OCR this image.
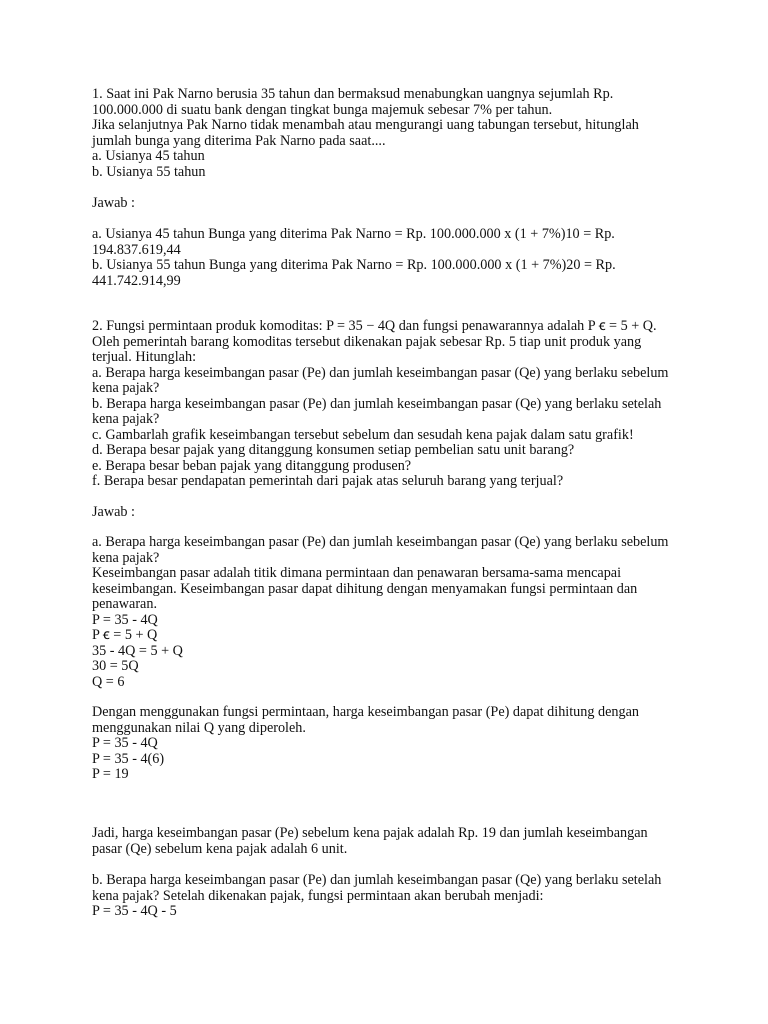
1. Saat ini Pak Narno berusia 35 tahun dan bermaksud menabungkan uangnya sejumlah Rp.
100.000.000 di suatu bank dengan tingkat bunga majemuk sebesar 7% per tahun.
Jika selanjutnya Pak Narno tidak menambah atau mengurangi uang tabungan tersebut, hitunglah
jumlah bunga yang diterima Pak Narno pada saat....
a. Usianya 45 tahun
b. Usianya 55 tahun
Jawab :
a. Usianya 45 tahun Bunga yang diterima Pak Narno = Rp. 100.000.000 x (1 + 7%)10 = Rp.
194.837.619,44
b. Usianya 55 tahun Bunga yang diterima Pak Narno = Rp. 100.000.000 x (1 + 7%)20 = Rp.
441.742.914,99
2. Fungsi permintaan produk komoditas: P = 35 − 4Q dan fungsi penawarannya adalah P ꞓ = 5 + Q.
Oleh pemerintah barang komoditas tersebut dikenakan pajak sebesar Rp. 5 tiap unit produk yang
terjual. Hitunglah:
a. Berapa harga keseimbangan pasar (Pe) dan jumlah keseimbangan pasar (Qe) yang berlaku sebelum
kena pajak?
b. Berapa harga keseimbangan pasar (Pe) dan jumlah keseimbangan pasar (Qe) yang berlaku setelah
kena pajak?
c. Gambarlah grafik keseimbangan tersebut sebelum dan sesudah kena pajak dalam satu grafik!
d. Berapa besar pajak yang ditanggung konsumen setiap pembelian satu unit barang?
e. Berapa besar beban pajak yang ditanggung produsen?
f. Berapa besar pendapatan pemerintah dari pajak atas seluruh barang yang terjual?
Jawab :
a. Berapa harga keseimbangan pasar (Pe) dan jumlah keseimbangan pasar (Qe) yang berlaku sebelum
kena pajak?
Keseimbangan pasar adalah titik dimana permintaan dan penawaran bersama-sama mencapai
keseimbangan. Keseimbangan pasar dapat dihitung dengan menyamakan fungsi permintaan dan
penawaran.
P = 35 - 4Q
P ꞓ = 5 + Q
35 - 4Q = 5 + Q
30 = 5Q
Q = 6
Dengan menggunakan fungsi permintaan, harga keseimbangan pasar (Pe) dapat dihitung dengan
menggunakan nilai Q yang diperoleh.
P = 35 - 4Q
P = 35 - 4(6)
P = 19
Jadi, harga keseimbangan pasar (Pe) sebelum kena pajak adalah Rp. 19 dan jumlah keseimbangan
pasar (Qe) sebelum kena pajak adalah 6 unit.
b. Berapa harga keseimbangan pasar (Pe) dan jumlah keseimbangan pasar (Qe) yang berlaku setelah
kena pajak? Setelah dikenakan pajak, fungsi permintaan akan berubah menjadi:
P = 35 - 4Q - 5
